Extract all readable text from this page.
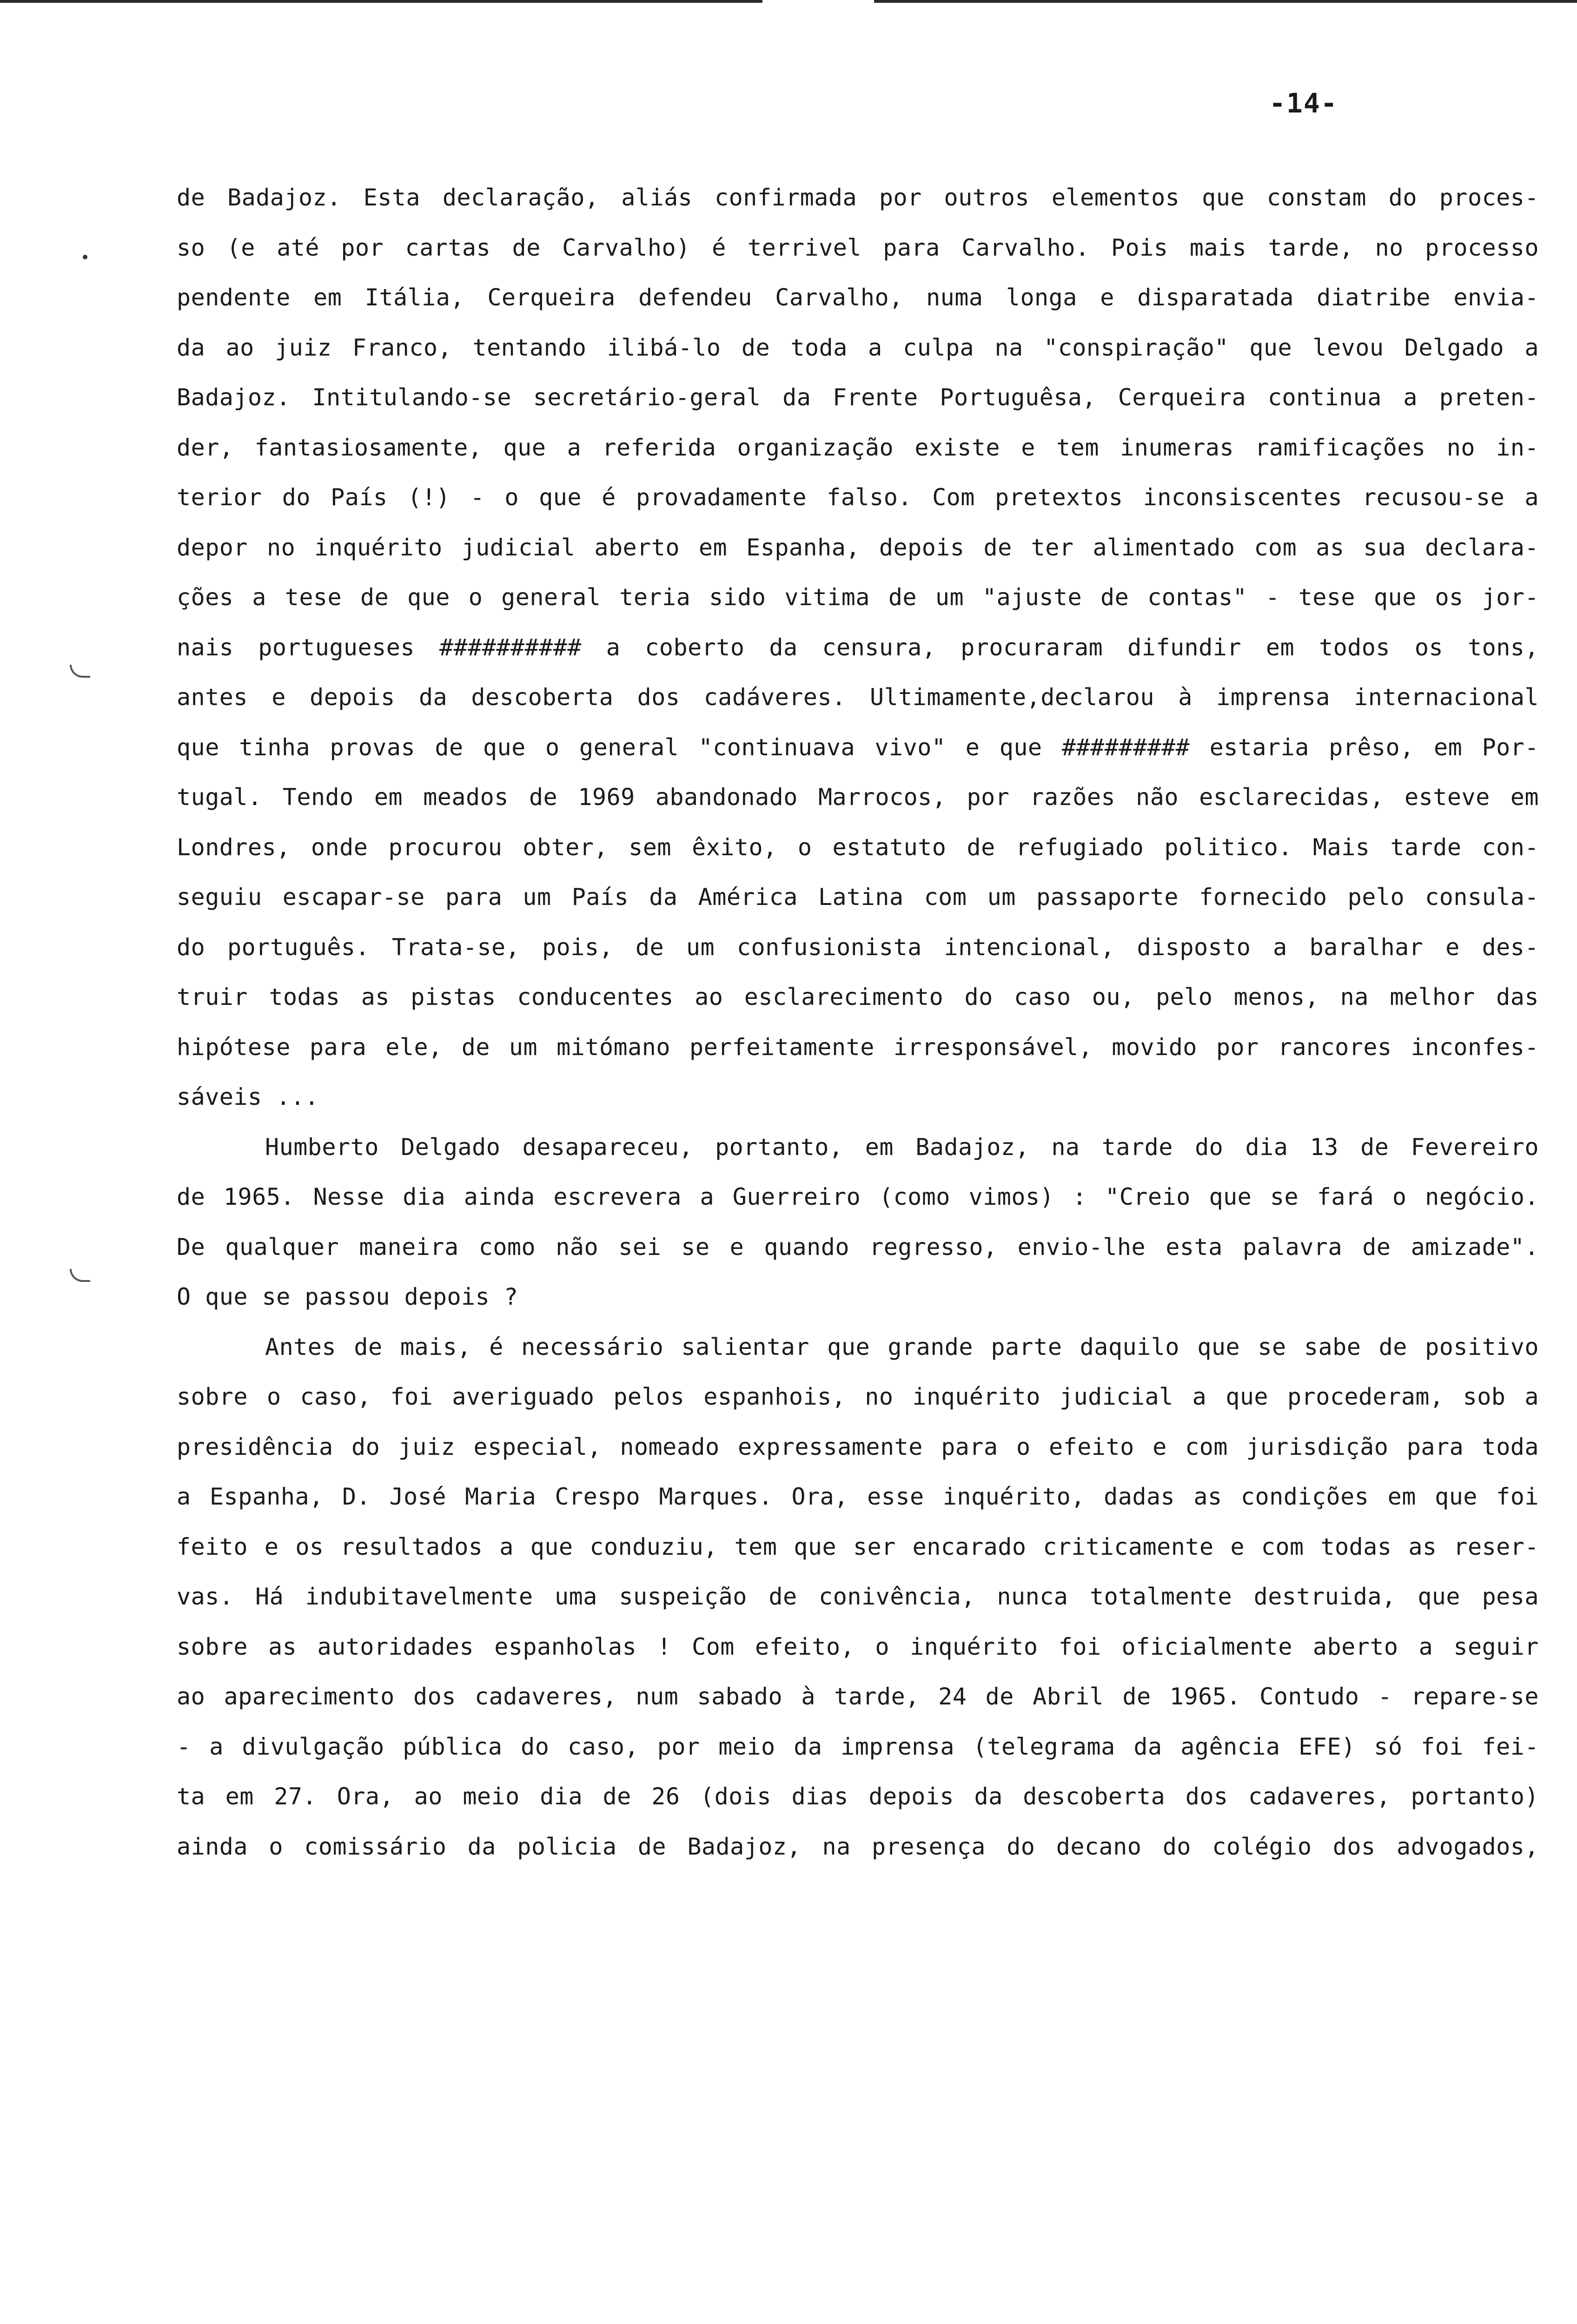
-14-
de Badajoz. Esta declaração, aliás confirmada por outros elementos que constam do proces-
so (e até por cartas de Carvalho) é terrivel para Carvalho. Pois mais tarde, no processo
pendente em Itália, Cerqueira defendeu Carvalho, numa longa e disparatada diatribe envia-
da ao juiz Franco, tentando ilibá-lo de toda a culpa na "conspiração" que levou Delgado a
Badajoz. Intitulando-se secretário-geral da Frente Portuguêsa, Cerqueira continua a preten-
der, fantasiosamente, que a referida organização existe e tem inumeras ramificações no in-
terior do País (!) - o que é provadamente falso. Com pretextos inconsiscentes recusou-se a
depor no inquérito judicial aberto em Espanha, depois de ter alimentado com as sua declara-
ções a tese de que o general teria sido vitima de um "ajuste de contas" - tese que os jor-
nais portugueses ########## a coberto da censura, procuraram difundir em todos os tons,
antes e depois da descoberta dos cadáveres. Ultimamente,declarou à imprensa internacional
que tinha provas de que o general "continuava vivo" e que ######### estaria prêso, em Por-
tugal. Tendo em meados de 1969 abandonado Marrocos, por razões não esclarecidas, esteve em
Londres, onde procurou obter, sem êxito, o estatuto de refugiado politico. Mais tarde con-
seguiu escapar-se para um País da América Latina com um passaporte fornecido pelo consula-
do português. Trata-se, pois, de um confusionista intencional, disposto a baralhar e des-
truir todas as pistas conducentes ao esclarecimento do caso ou, pelo menos, na melhor das
hipótese para ele, de um mitómano perfeitamente irresponsável, movido por rancores inconfes-
sáveis ...
Humberto Delgado desapareceu, portanto, em Badajoz, na tarde do dia 13 de Fevereiro
de 1965. Nesse dia ainda escrevera a Guerreiro (como vimos) : "Creio que se fará o negócio.
De qualquer maneira como não sei se e quando regresso, envio-lhe esta palavra de amizade".
O que se passou depois ?
Antes de mais, é necessário salientar que grande parte daquilo que se sabe de positivo
sobre o caso, foi averiguado pelos espanhois, no inquérito judicial a que procederam, sob a
presidência do juiz especial, nomeado expressamente para o efeito e com jurisdição para toda
a Espanha, D. José Maria Crespo Marques. Ora, esse inquérito, dadas as condições em que foi
feito e os resultados a que conduziu, tem que ser encarado criticamente e com todas as reser-
vas. Há indubitavelmente uma suspeição de conivência, nunca totalmente destruida, que pesa
sobre as autoridades espanholas ! Com efeito, o inquérito foi oficialmente aberto a seguir
ao aparecimento dos cadaveres, num sabado à tarde, 24 de Abril de 1965. Contudo - repare-se
- a divulgação pública do caso, por meio da imprensa (telegrama da agência EFE) só foi fei-
ta em 27. Ora, ao meio dia de 26 (dois dias depois da descoberta dos cadaveres, portanto)
ainda o comissário da policia de Badajoz, na presença do decano do colégio dos advogados,
